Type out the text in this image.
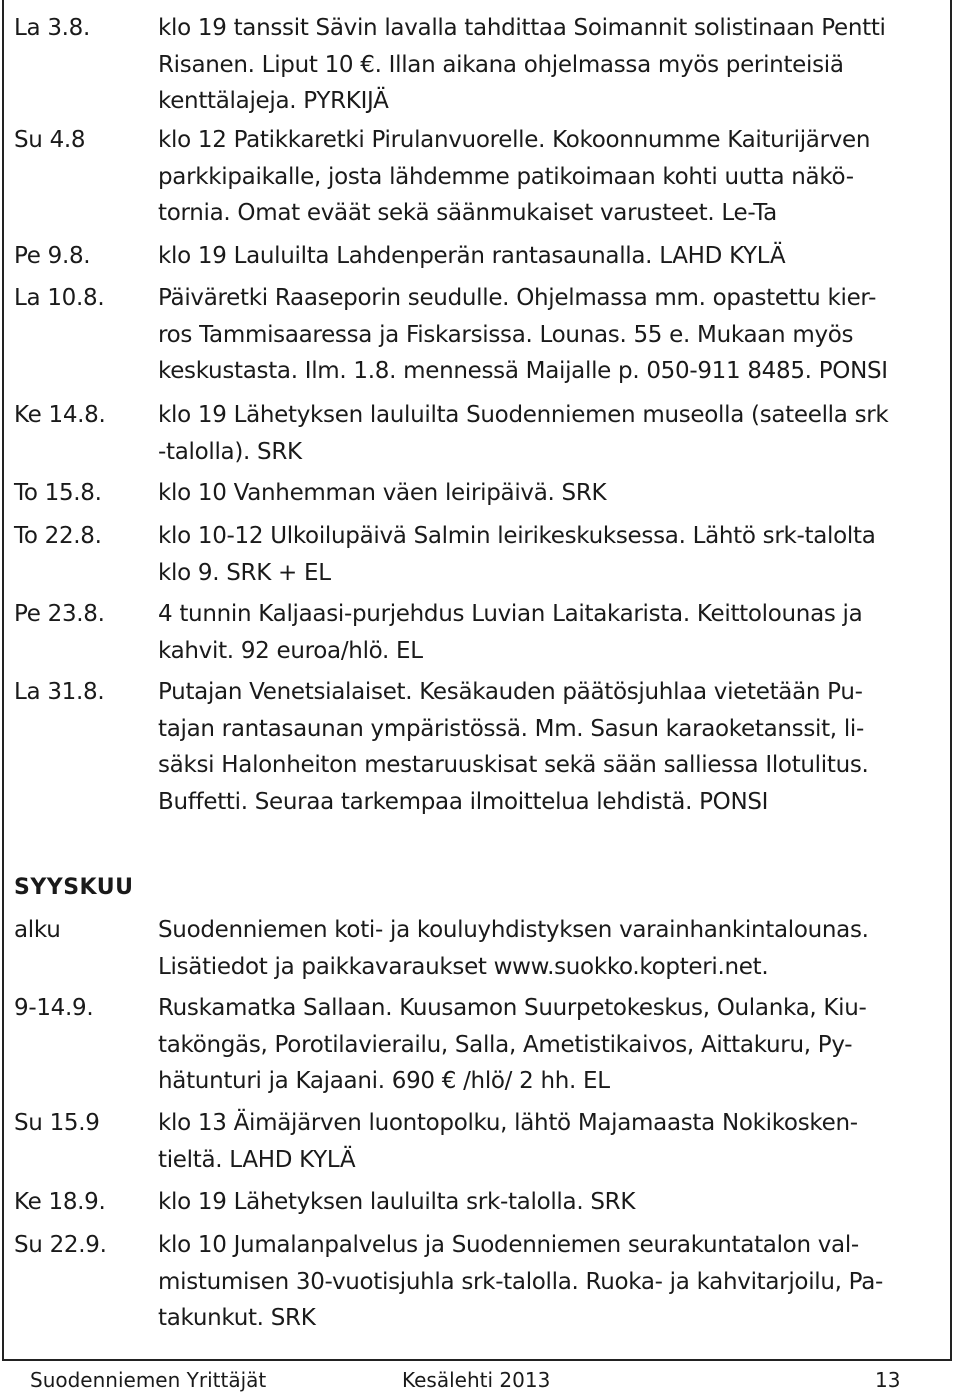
La 3.8.	klo 19 tanssit Sävin lavalla tahdittaa Soimannit solistinaan Pentti
Risanen. Liput 10 €. Illan aikana ohjelmassa myös perinteisiä
kenttälajeja. PYRKIJÄ
Su 4.8	klo 12 Patikkaretki Pirulanvuorelle. Kokoonnumme Kaiturijärven
parkkipaikalle, josta lähdemme patikoimaan kohti uutta näkö-
tornia. Omat eväät sekä säänmukaiset varusteet. Le-Ta
Pe 9.8.	klo 19 Lauluilta Lahdenperän rantasaunalla. LAHD KYLÄ
La 10.8. Päiväretki Raaseporin seudulle. Ohjelmassa mm. opastettu kier-
ros Tammisaaressa ja Fiskarsissa. Lounas. 55 e. Mukaan myös
keskustasta. Ilm. 1.8. mennessä Maijalle p. 050-911 8485. PONSI
Ke 14.8. klo 19 Lähetyksen lauluilta Suodenniemen museolla (sateella srk
-talolla). SRK
To 15.8. klo 10 Vanhemman väen leiripäivä. SRK
To 22.8. klo 10-12 Ulkoilupäivä Salmin leirikeskuksessa. Lähtö srk-talolta
klo 9. SRK + EL
Pe 23.8. 4 tunnin Kaljaasi-purjehdus Luvian Laitakarista. Keittolounas ja
kahvit. 92 euroa/hlö. EL
La 31.8. Putajan Venetsialaiset. Kesäkauden päätösjuhlaa vietetään Pu-
tajan rantasaunan ympäristössä. Mm. Sasun karaoketanssit, li-
säksi Halonheiton mestaruuskisat sekä sään salliessa Ilotulitus.
Buffetti. Seuraa tarkempaa ilmoittelua lehdistä. PONSI
SYYSKUU
alku	Suodenniemen koti- ja kouluyhdistyksen varainhankintalounas.
Lisätiedot ja paikkavaraukset www.suokko.kopteri.net.
9-14.9.	Ruskamatka Sallaan. Kuusamon Suurpetokeskus, Oulanka, Kiu-
taköngäs, Porotilavierailu, Salla, Ametistikaivos, Aittakuru, Py-
hätunturi ja Kajaani. 690 € /hlö/ 2 hh. EL
Su 15.9	klo 13 Äimäjärven luontopolku, lähtö Majamaasta Nokikosken-
tieltä. LAHD KYLÄ
Ke 18.9. klo 19 Lähetyksen lauluilta srk-talolla. SRK
Su 22.9. klo 10 Jumalanpalvelus ja Suodenniemen seurakuntatalon val-
mistumisen 30-vuotisjuhla srk-talolla. Ruoka- ja kahvitarjoilu, Pa-
takunkut. SRK
Suodenniemen Yrittäjät	Kesälehti 2013	13
